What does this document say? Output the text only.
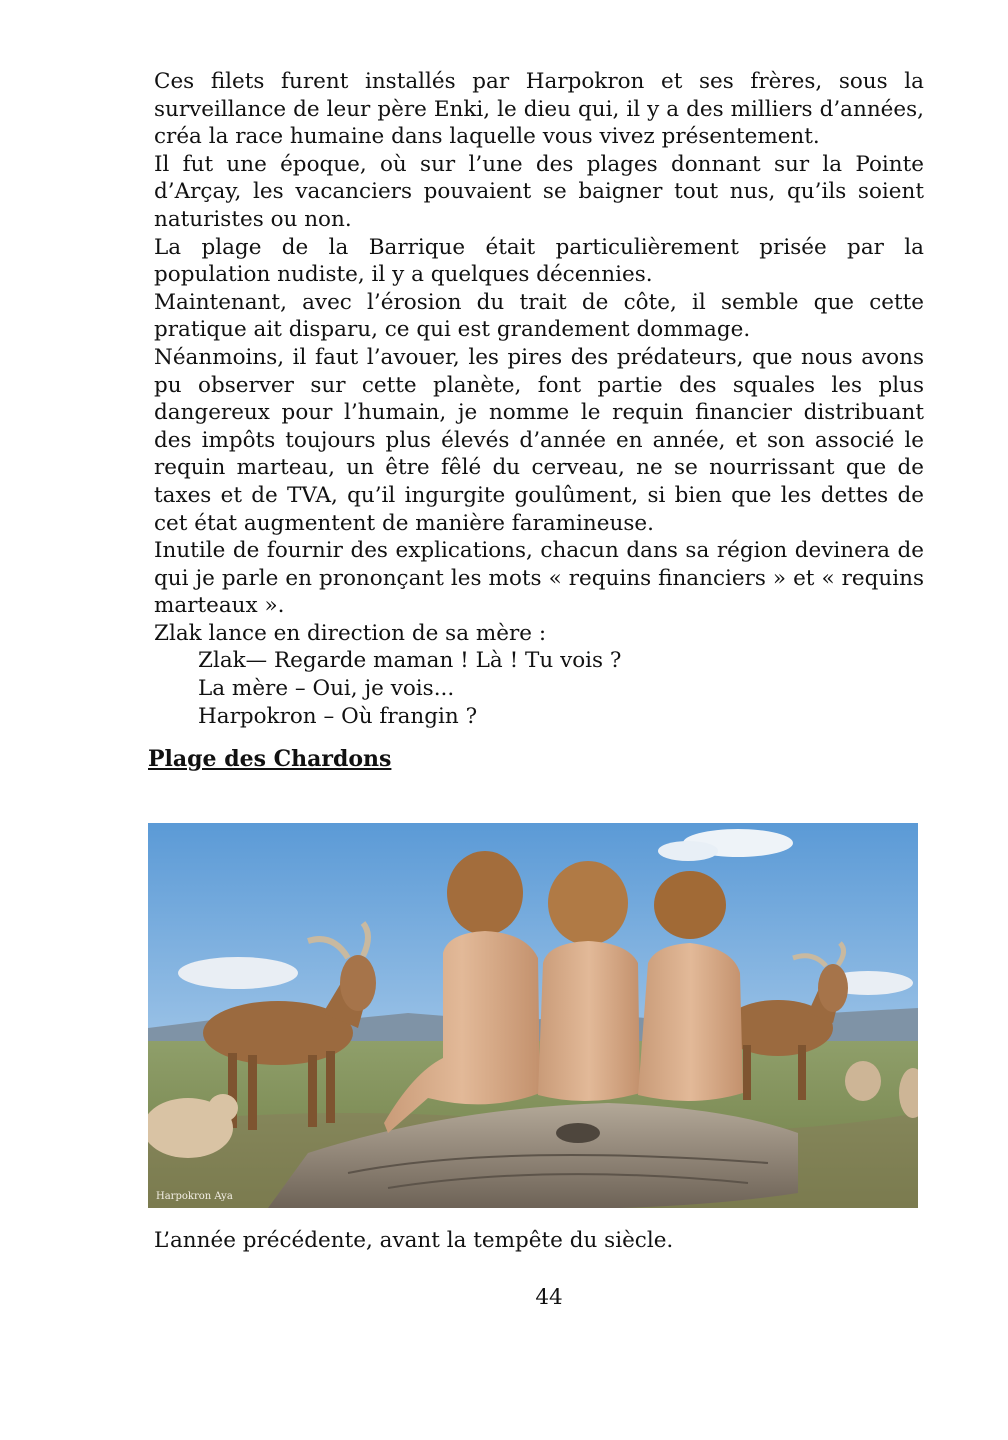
Ces filets furent installés par Harpokron et ses frères, sous la surveillance de leur père Enki, le dieu qui, il y a des milliers d’années, créa la race humaine dans laquelle vous vivez présentement.

Il fut une époque, où sur l’une des plages donnant sur la Pointe d’Arçay, les vacanciers pouvaient se baigner tout nus, qu’ils soient naturistes ou non.

La plage de la Barrique était particulièrement prisée par la population nudiste, il y a quelques décennies.

Maintenant, avec l’érosion du trait de côte, il semble que cette pratique ait disparu, ce qui est grandement dommage.

Néanmoins, il faut l’avouer, les pires des prédateurs, que nous avons pu observer sur cette planète, font partie des squales les plus dangereux pour l’humain, je nomme le requin financier distribuant des impôts toujours plus élevés d’année en année, et son associé le requin marteau, un être fêlé du cerveau, ne se nourrissant que de taxes et de TVA, qu’il ingurgite goulûment, si bien que les dettes de cet état augmentent de manière faramineuse.

Inutile de fournir des explications, chacun dans sa région devinera de qui je parle en prononçant les mots « requins financiers » et « requins marteaux ».

Zlak lance en direction de sa mère :

Zlak— Regarde maman ! Là ! Tu vois ?
La mère – Oui, je vois...
Harpokron – Où frangin ?
Plage des Chardons
Harpokron Aya

L’année précédente, avant la tempête du siècle.

44
